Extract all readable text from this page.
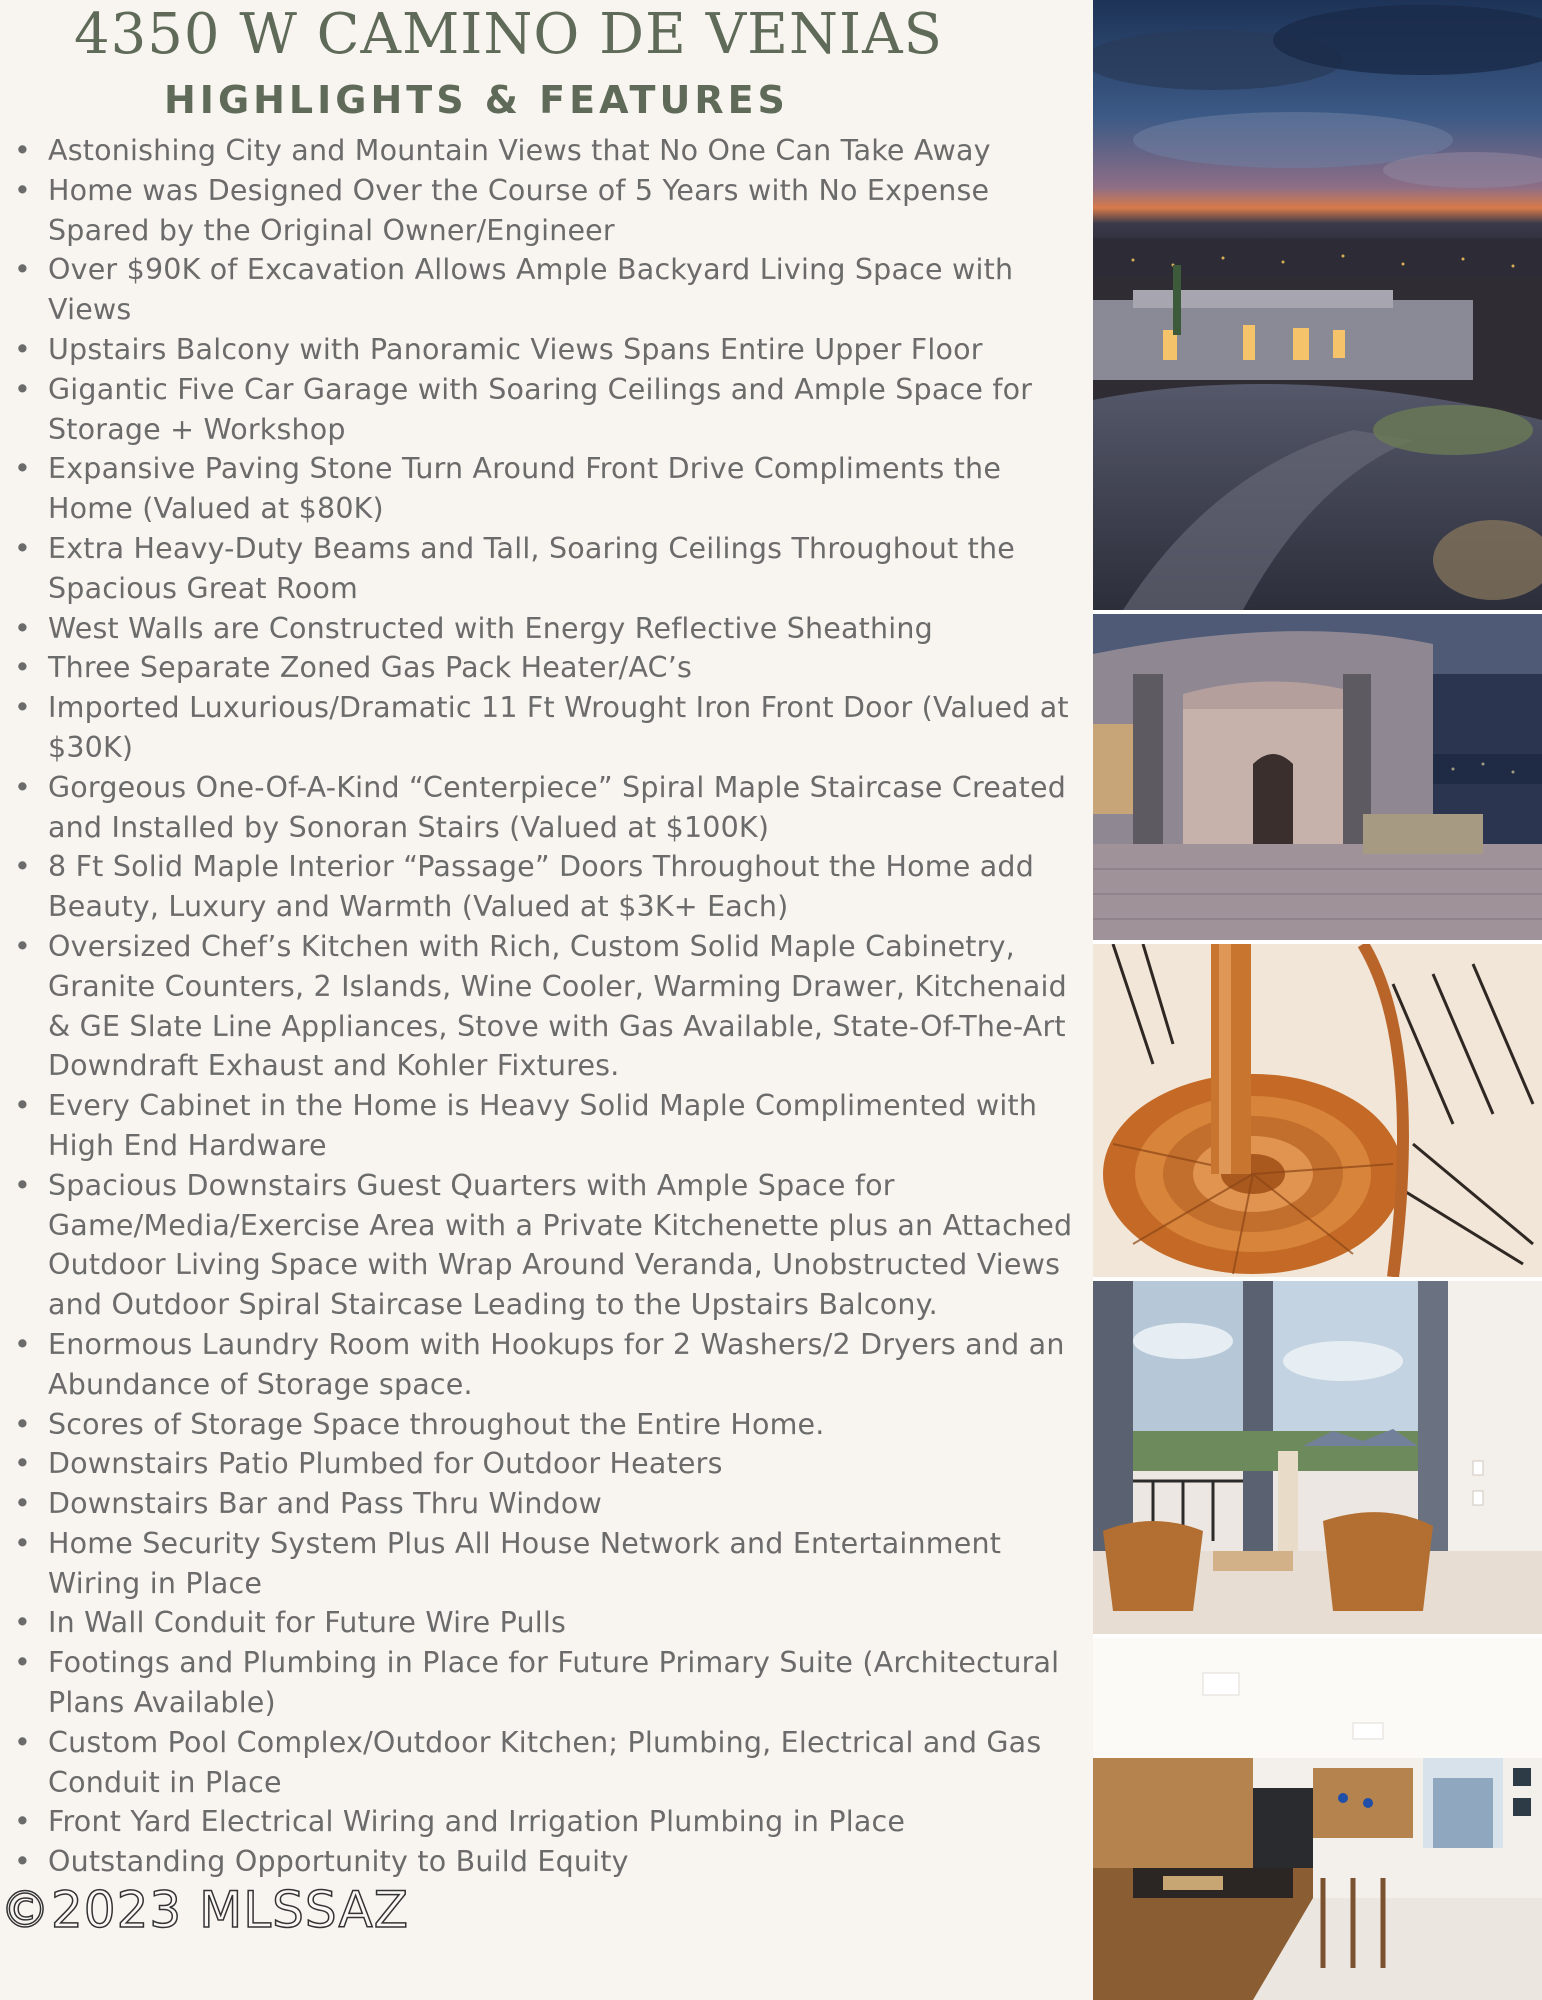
4350 W CAMINO DE VENIAS
HIGHLIGHTS & FEATURES
• Astonishing City and Mountain Views that No One Can Take Away
• Home was Designed Over the Course of 5 Years with No Expense Spared by the Original Owner/Engineer
• Over $90K of Excavation Allows Ample Backyard Living Space with Views
• Upstairs Balcony with Panoramic Views Spans Entire Upper Floor
• Gigantic Five Car Garage with Soaring Ceilings and Ample Space for Storage + Workshop
• Expansive Paving Stone Turn Around Front Drive Compliments the Home (Valued at $80K)
• Extra Heavy-Duty Beams and Tall, Soaring Ceilings Throughout the Spacious Great Room
• West Walls are Constructed with Energy Reflective Sheathing
• Three Separate Zoned Gas Pack Heater/AC’s
• Imported Luxurious/Dramatic 11 Ft Wrought Iron Front Door (Valued at $30K)
• Gorgeous One-Of-A-Kind “Centerpiece” Spiral Maple Staircase Created and Installed by Sonoran Stairs (Valued at $100K)
• 8 Ft Solid Maple Interior “Passage” Doors Throughout the Home add Beauty, Luxury and Warmth (Valued at $3K+ Each)
• Oversized Chef’s Kitchen with Rich, Custom Solid Maple Cabinetry, Granite Counters, 2 Islands, Wine Cooler, Warming Drawer, Kitchenaid & GE Slate Line Appliances, Stove with Gas Available, State-Of-The-Art Downdraft Exhaust and Kohler Fixtures.
• Every Cabinet in the Home is Heavy Solid Maple Complimented with High End Hardware
• Spacious Downstairs Guest Quarters with Ample Space for Game/Media/Exercise Area with a Private Kitchenette plus an Attached Outdoor Living Space with Wrap Around Veranda, Unobstructed Views and Outdoor Spiral Staircase Leading to the Upstairs Balcony.
• Enormous Laundry Room with Hookups for 2 Washers/2 Dryers and an Abundance of Storage space.
• Scores of Storage Space throughout the Entire Home.
• Downstairs Patio Plumbed for Outdoor Heaters
• Downstairs Bar and Pass Thru Window
• Home Security System Plus All House Network and Entertainment Wiring in Place
• In Wall Conduit for Future Wire Pulls
• Footings and Plumbing in Place for Future Primary Suite (Architectural Plans Available)
• Custom Pool Complex/Outdoor Kitchen; Plumbing, Electrical and Gas Conduit in Place
• Front Yard Electrical Wiring and Irrigation Plumbing in Place
• Outstanding Opportunity to Build Equity
©2023 MLSSAZ
